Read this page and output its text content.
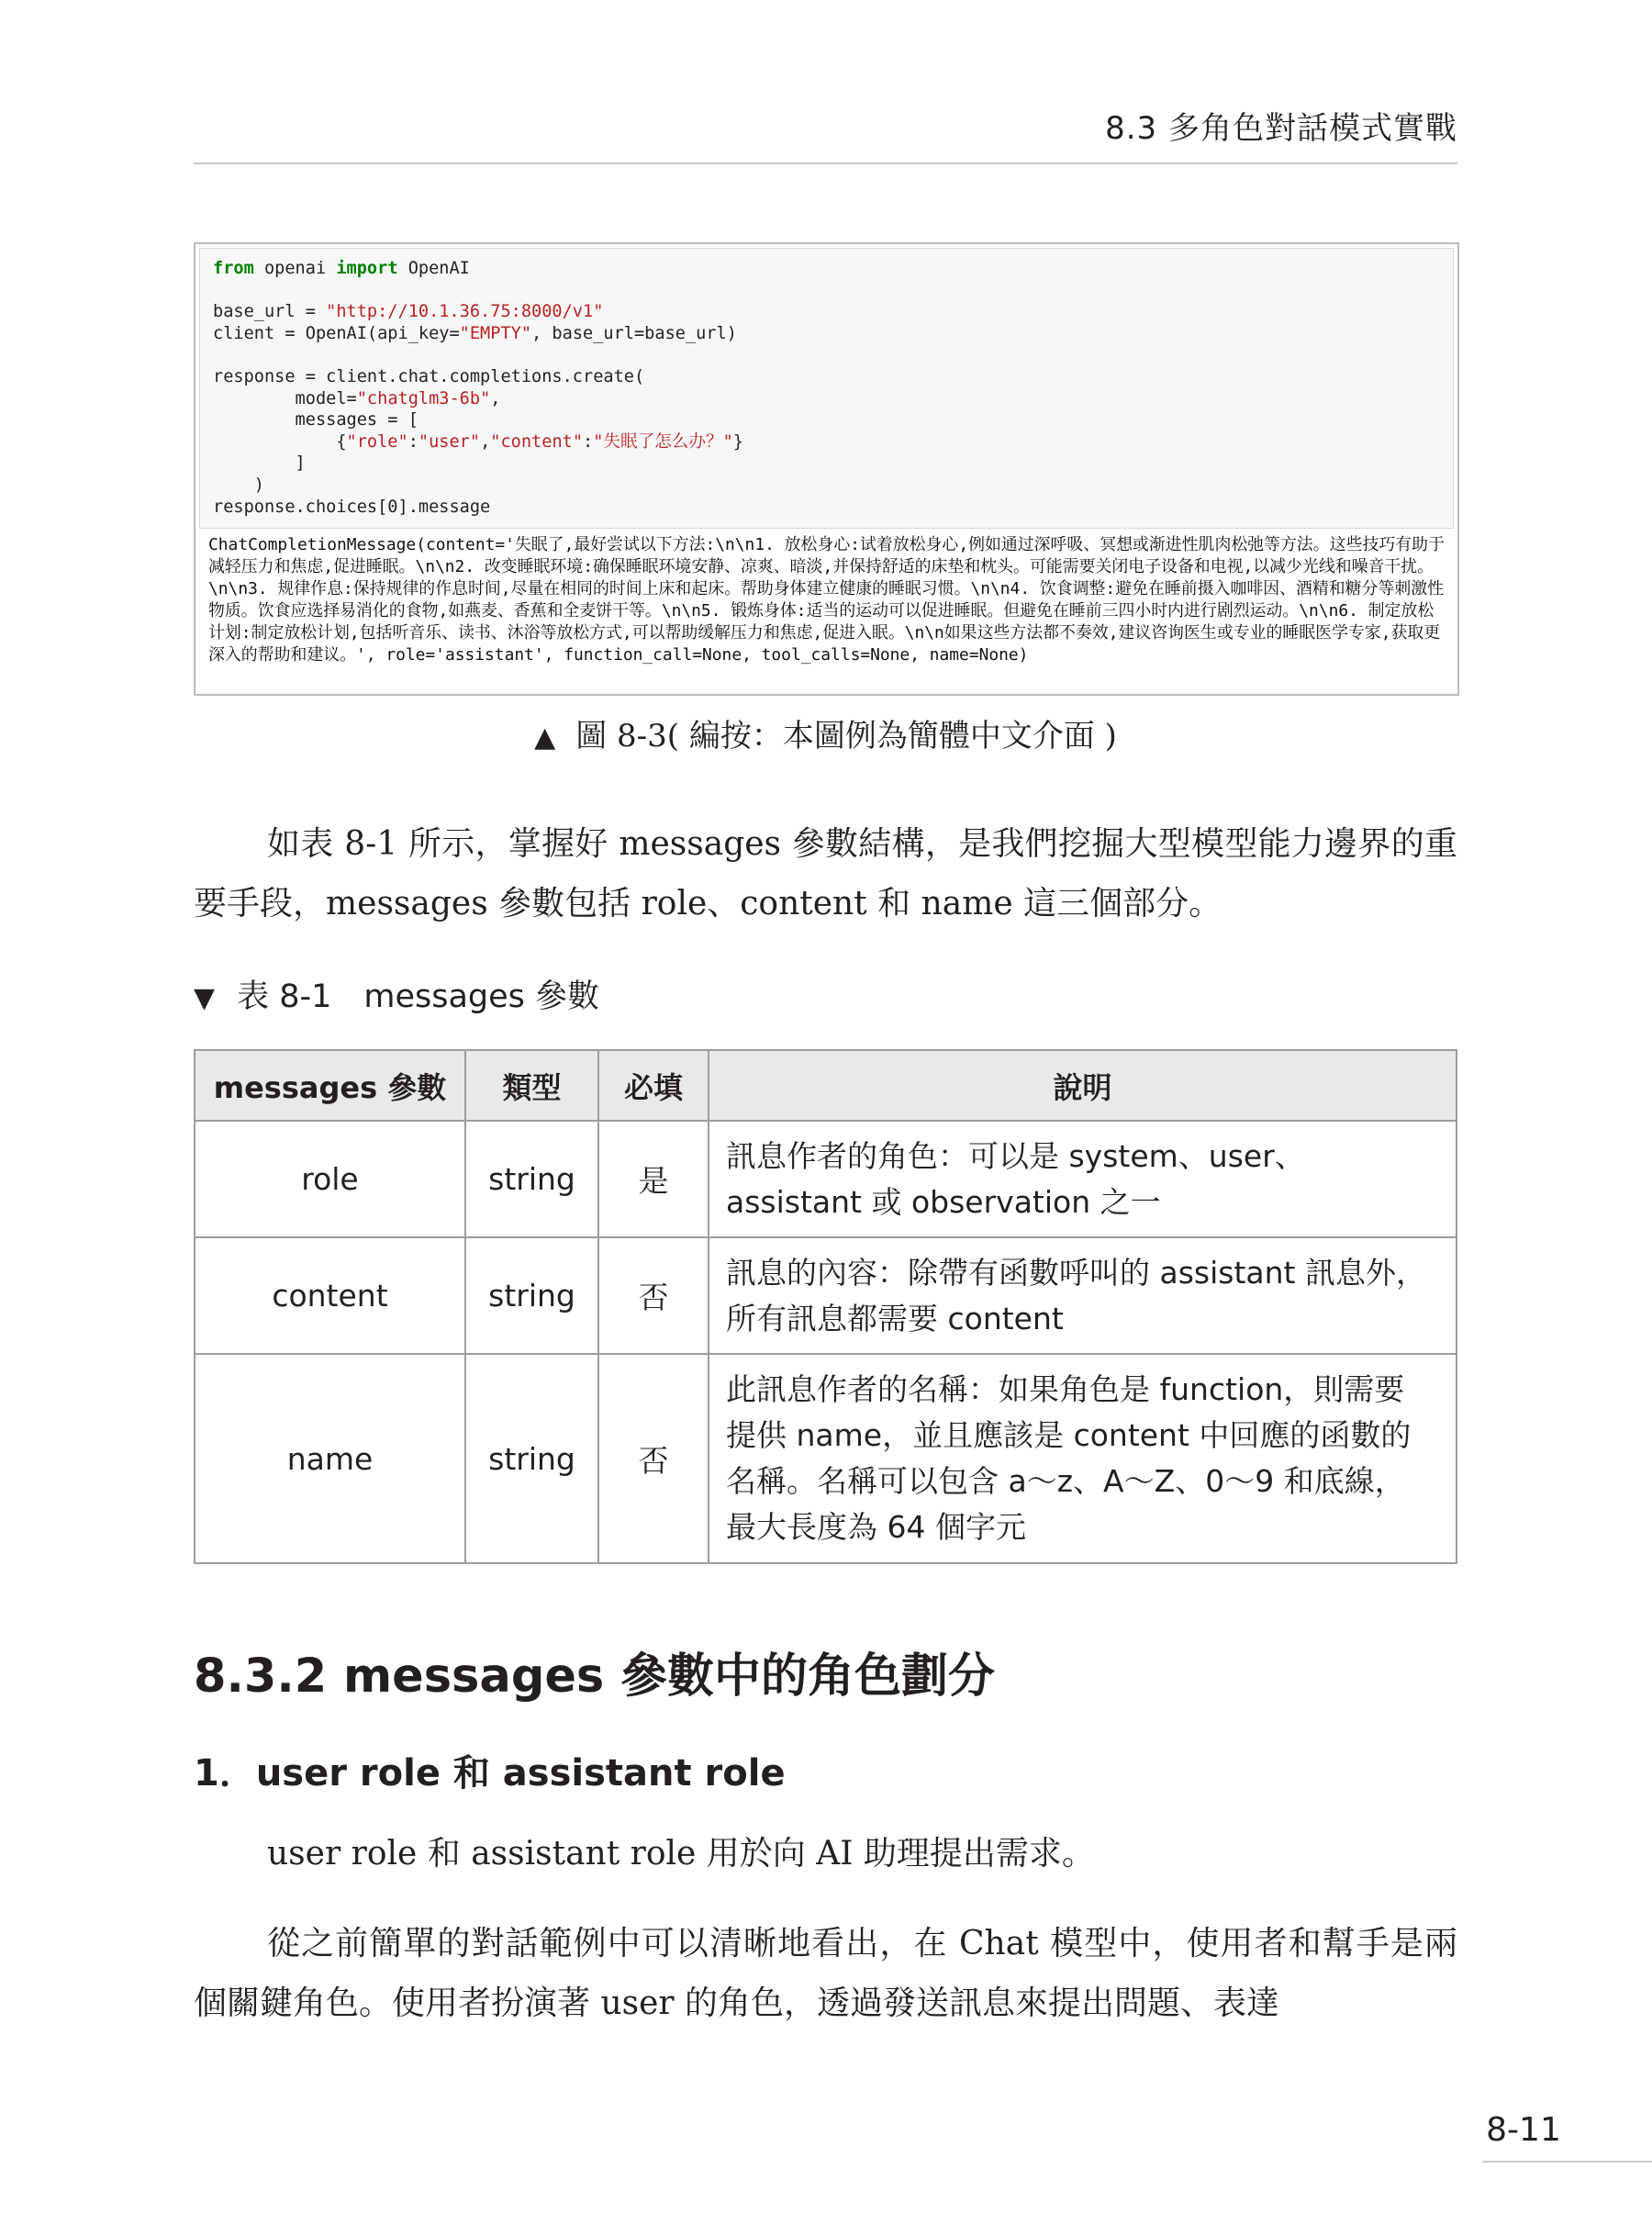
8.3 多角色對話模式實戰
from openai import OpenAI

base_url = "http://10.1.36.75:8000/v1"
client = OpenAI(api_key="EMPTY", base_url=base_url)

response = client.chat.completions.create(
model="chatglm3-6b",
messages = [
{"role":"user","content":"失眠了怎么办？"}
]
)
response.choices[0].message
ChatCompletionMessage(content='失眠了,最好尝试以下方法:\n\n1. 放松身心:试着放松身心,例如通过深呼吸、冥想或渐进性肌肉松弛等方法。这些技巧有助于减轻压力和焦虑,促进睡眠。\n\n2. 改变睡眠环境:确保睡眠环境安静、凉爽、暗淡,并保持舒适的床垫和枕头。可能需要关闭电子设备和电视,以减少光线和噪音干扰。\n\n3. 规律作息:保持规律的作息时间,尽量在相同的时间上床和起床。帮助身体建立健康的睡眠习惯。\n\n4. 饮食调整:避免在睡前摄入咖啡因、酒精和糖分等刺激性物质。饮食应选择易消化的食物,如燕麦、香蕉和全麦饼干等。\n\n5. 锻炼身体:适当的运动可以促进睡眠。但避免在睡前三四小时内进行剧烈运动。\n\n6. 制定放松计划:制定放松计划,包括听音乐、读书、沐浴等放松方式,可以帮助缓解压力和焦虑,促进入眠。\n\n如果这些方法都不奏效,建议咨询医生或专业的睡眠医学专家,获取更深入的帮助和建议。', role='assistant', function_call=None, tool_calls=None, name=None)
▲ 圖 8-3( 編按：本圖例為簡體中文介面 )
如表 8-1 所示，掌握好 messages 參數結構，是我們挖掘大型模型能力邊界的重要手段，messages 參數包括 role、content 和 name 這三個部分。
▼ 表 8-1　messages 參數
messages 參數	類型	必填	說明
role	string	是	訊息作者的角色：可以是 system、user、
assistant 或 observation 之一

content	string	否	訊息的內容：除帶有函數呼叫的 assistant 訊息外，
所有訊息都需要 content

name	string	否	此訊息作者的名稱：如果角色是 function，則需要
提供 name，並且應該是 content 中回應的函數的
名稱。名稱可以包含 a～z、A～Z、0～9 和底線，
最大長度為 64 個字元
8.3.2 messages 參數中的角色劃分
1．user role 和 assistant role
user role 和 assistant role 用於向 AI 助理提出需求。
從之前簡單的對話範例中可以清晰地看出，在 Chat 模型中，使用者和幫手是兩個關鍵角色。使用者扮演著 user 的角色，透過發送訊息來提出問題、表達
8-11
